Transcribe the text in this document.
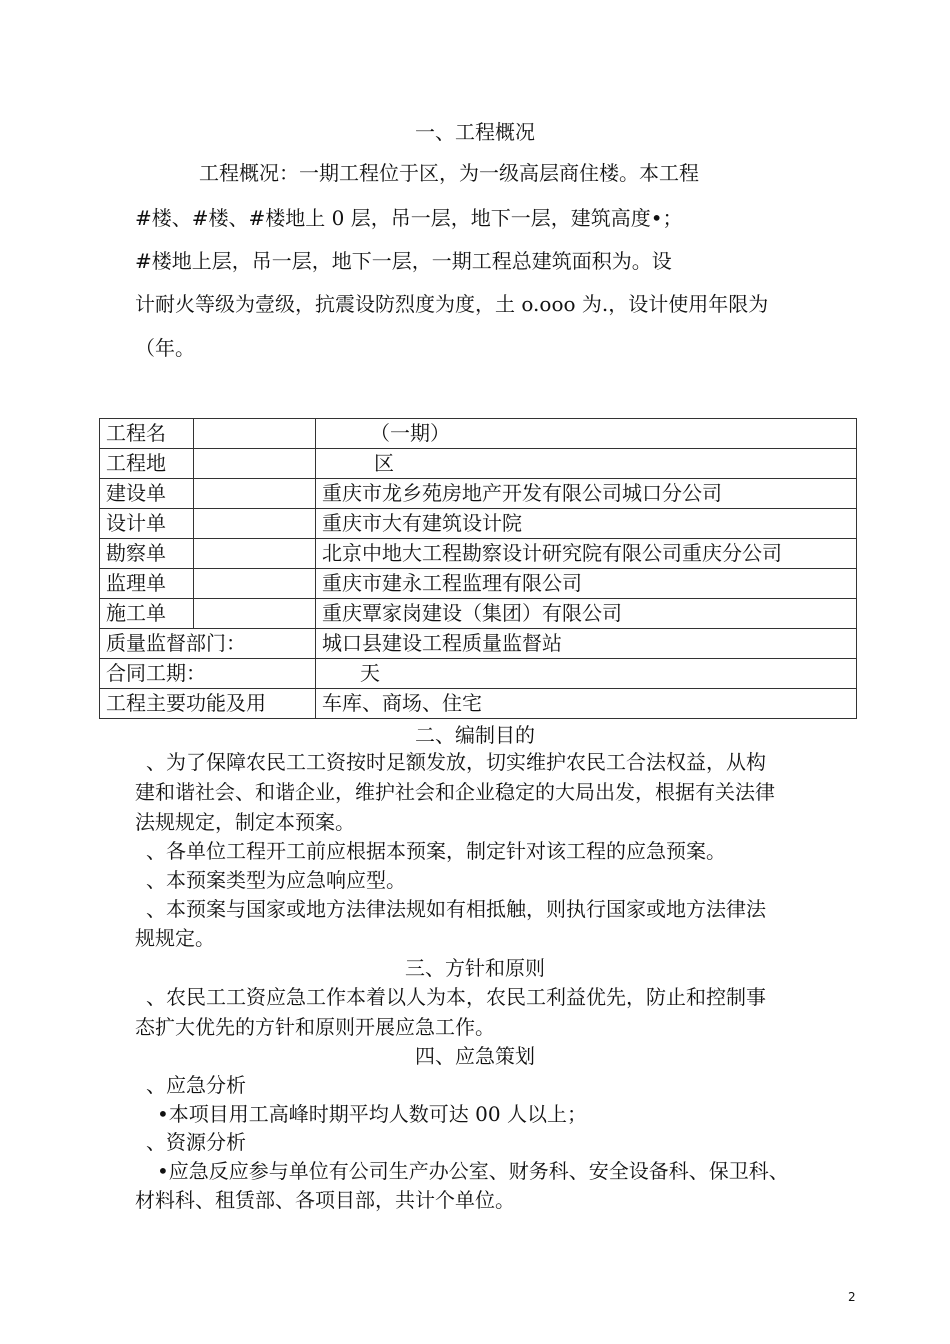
一、工程概况
工程概况：一期工程位于区，为一级高层商住楼。本工程
#楼、#楼、#楼地上 0 层，吊一层，地下一层，建筑高度•；
#楼地上层，吊一层，地下一层，一期工程总建筑面积为。设
计耐火等级为壹级，抗震设防烈度为度，土 o.ooo 为.，设计使用年限为
（年。
工程名		（一期）
工程地		区
建设单		重庆市龙乡苑房地产开发有限公司城口分公司
设计单		重庆市大有建筑设计院
勘察单		北京中地大工程勘察设计研究院有限公司重庆分公司
监理单		重庆市建永工程监理有限公司
施工单		重庆覃家岗建设（集团）有限公司
质量监督部门：		城口县建设工程质量监督站
合同工期：		天
工程主要功能及用		车库、商场、住宅
二、编制目的
、为了保障农民工工资按时足额发放，切实维护农民工合法权益，从构
建和谐社会、和谐企业，维护社会和企业稳定的大局出发，根据有关法律
法规规定，制定本预案。
、各单位工程开工前应根据本预案，制定针对该工程的应急预案。
、本预案类型为应急响应型。
、本预案与国家或地方法律法规如有相抵触，则执行国家或地方法律法
规规定。
三、方针和原则
、农民工工资应急工作本着以人为本，农民工利益优先，防止和控制事
态扩大优先的方针和原则开展应急工作。
四、应急策划
、应急分析
•本项目用工高峰时期平均人数可达 00 人以上；
、资源分析
•应急反应参与单位有公司生产办公室、财务科、安全设备科、保卫科、
材料科、租赁部、各项目部，共计个单位。
2
